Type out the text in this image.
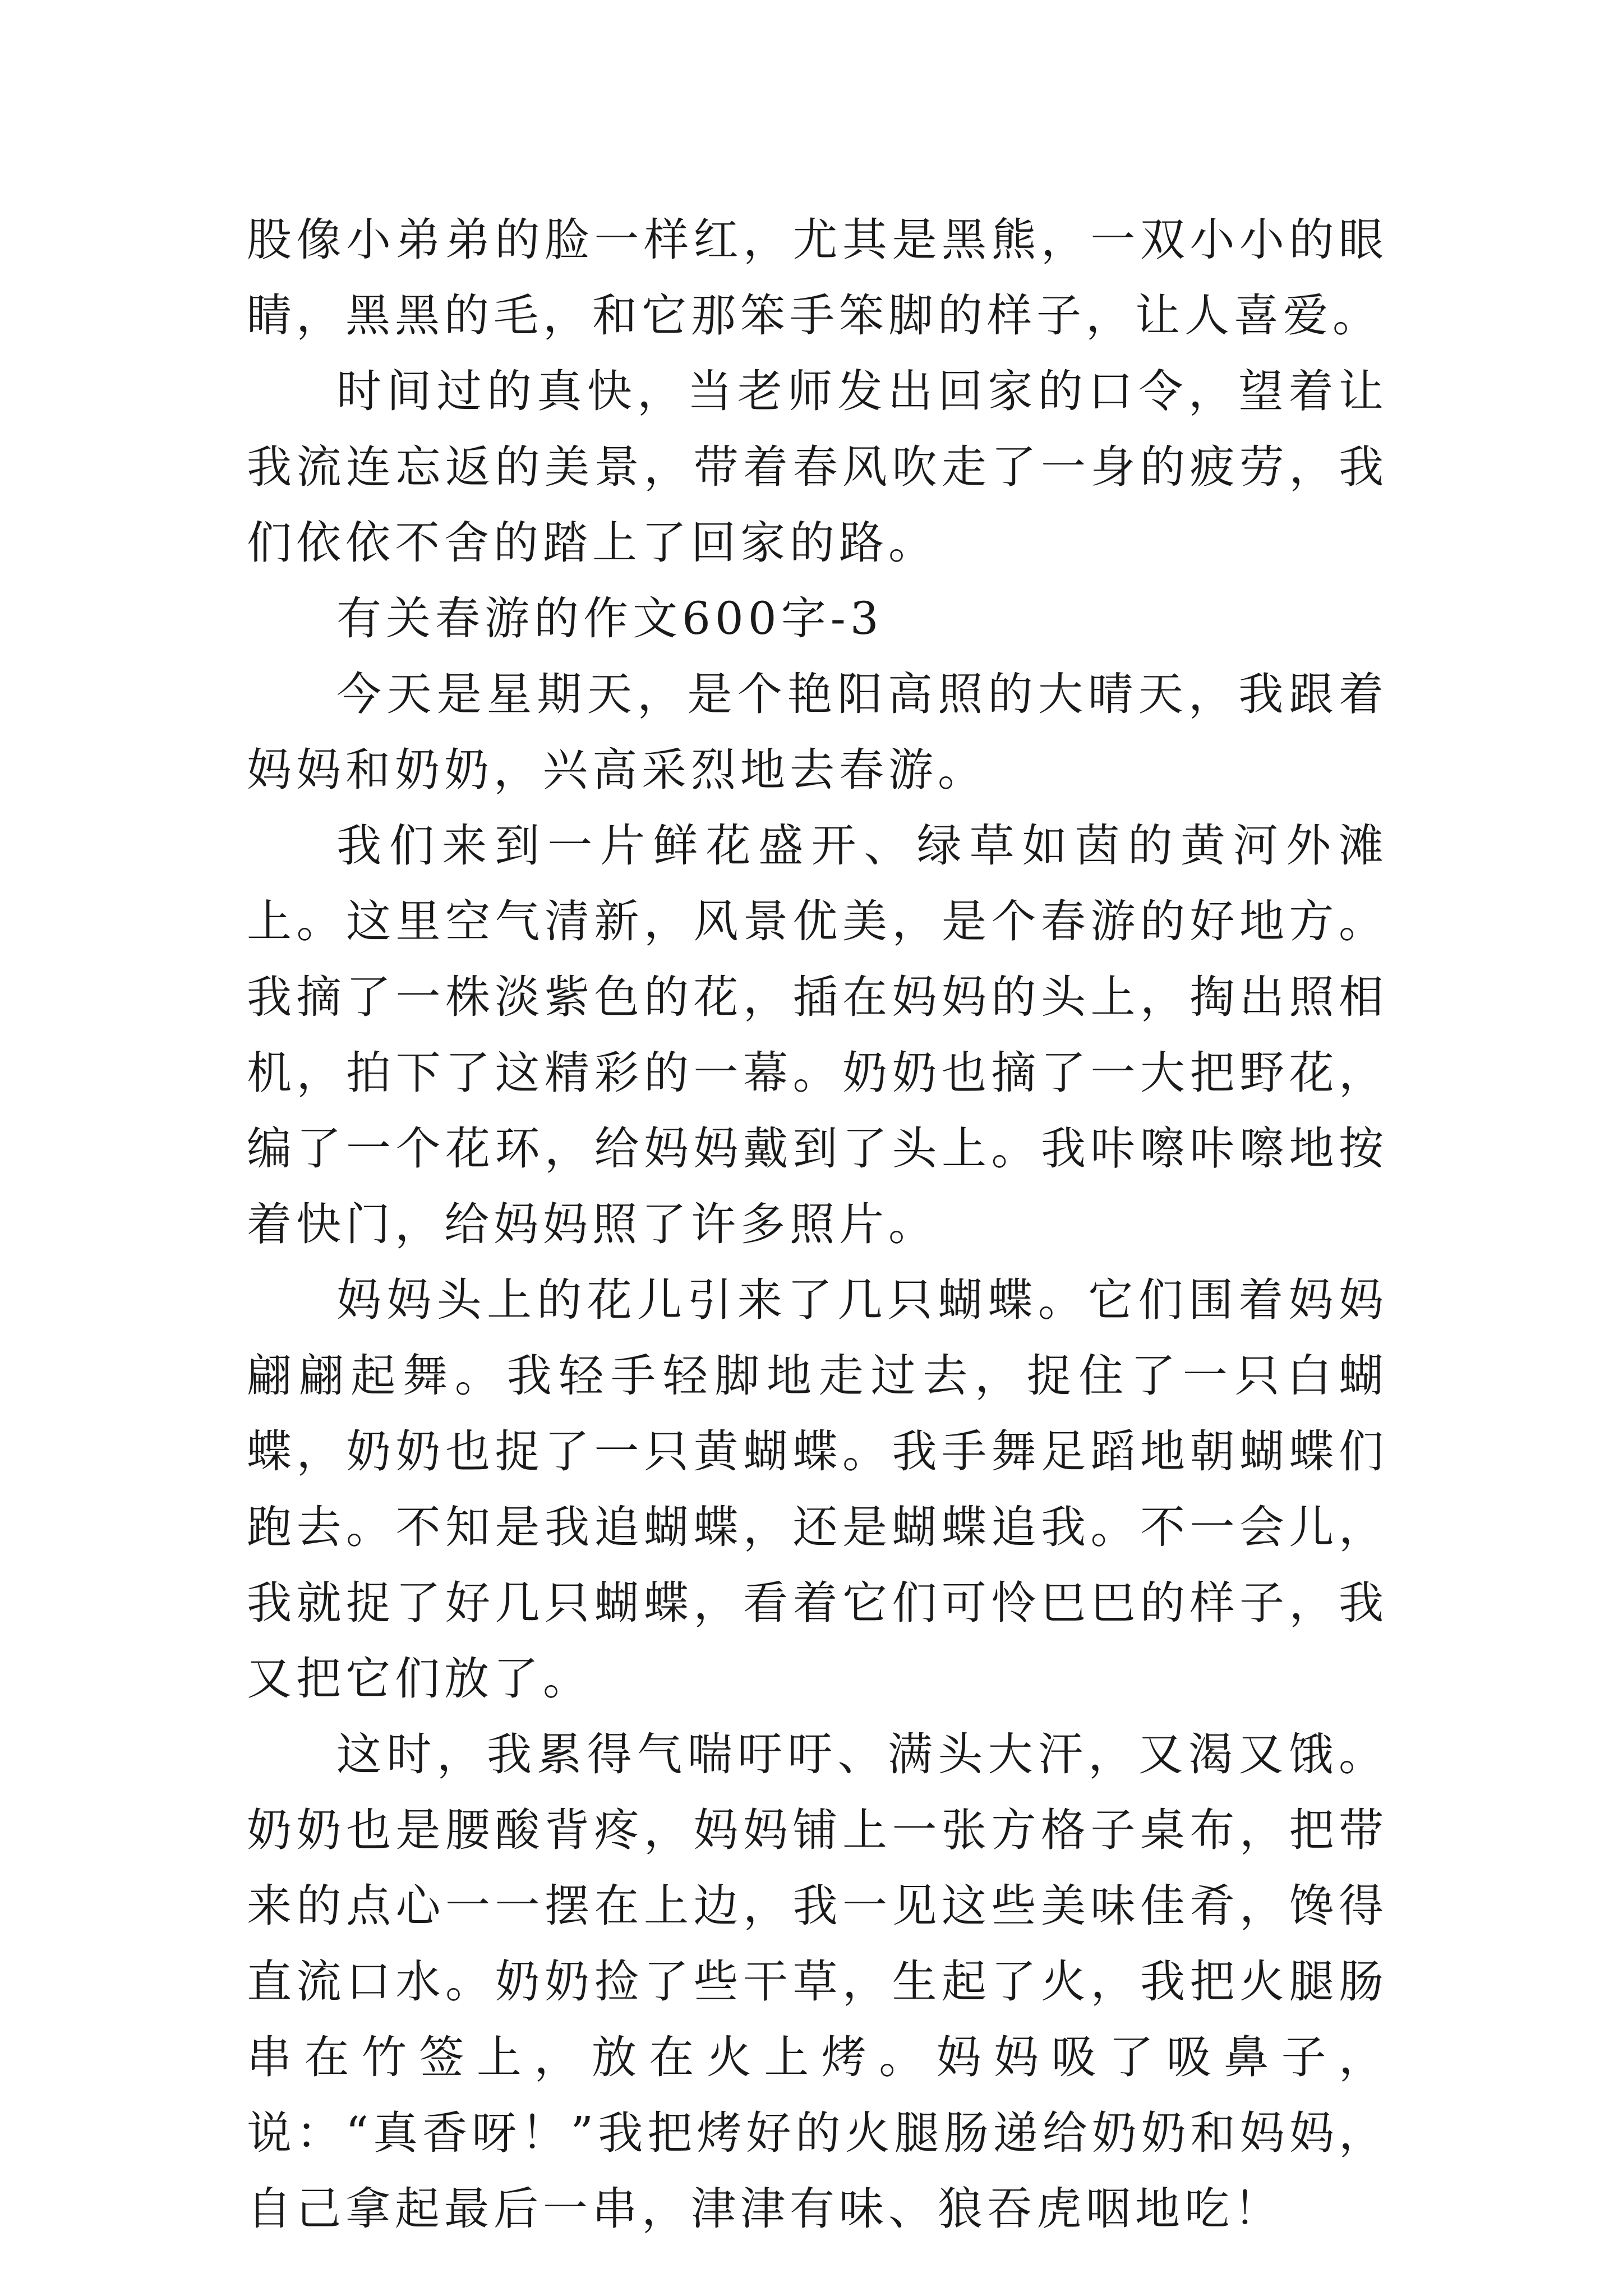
股像小弟弟的脸一样红，尤其是黑熊，一双小小的眼睛，黑黑的毛，和它那笨手笨脚的样子，让人喜爱。

时间过的真快，当老师发出回家的口令，望着让我流连忘返的美景，带着春风吹走了一身的疲劳，我们依依不舍的踏上了回家的路。

有关春游的作文600字-3

今天是星期天，是个艳阳高照的大晴天，我跟着妈妈和奶奶，兴高采烈地去春游。

我们来到一片鲜花盛开、绿草如茵的黄河外滩上。这里空气清新，风景优美，是个春游的好地方。我摘了一株淡紫色的花，插在妈妈的头上，掏出照相机，拍下了这精彩的一幕。奶奶也摘了一大把野花，编了一个花环，给妈妈戴到了头上。我咔嚓咔嚓地按着快门，给妈妈照了许多照片。

妈妈头上的花儿引来了几只蝴蝶。它们围着妈妈翩翩起舞。我轻手轻脚地走过去，捉住了一只白蝴蝶，奶奶也捉了一只黄蝴蝶。我手舞足蹈地朝蝴蝶们跑去。不知是我追蝴蝶，还是蝴蝶追我。不一会儿，我就捉了好几只蝴蝶，看着它们可怜巴巴的样子，我又把它们放了。

这时，我累得气喘吁吁、满头大汗，又渴又饿。奶奶也是腰酸背疼，妈妈铺上一张方格子桌布，把带来的点心一一摆在上边，我一见这些美味佳肴，馋得直流口水。奶奶捡了些干草，生起了火，我把火腿肠串在竹签上，放在火上烤。妈妈吸了吸鼻子，说：“真香呀！”我把烤好的火腿肠递给奶奶和妈妈，自己拿起最后一串，津津有味、狼吞虎咽地吃！
